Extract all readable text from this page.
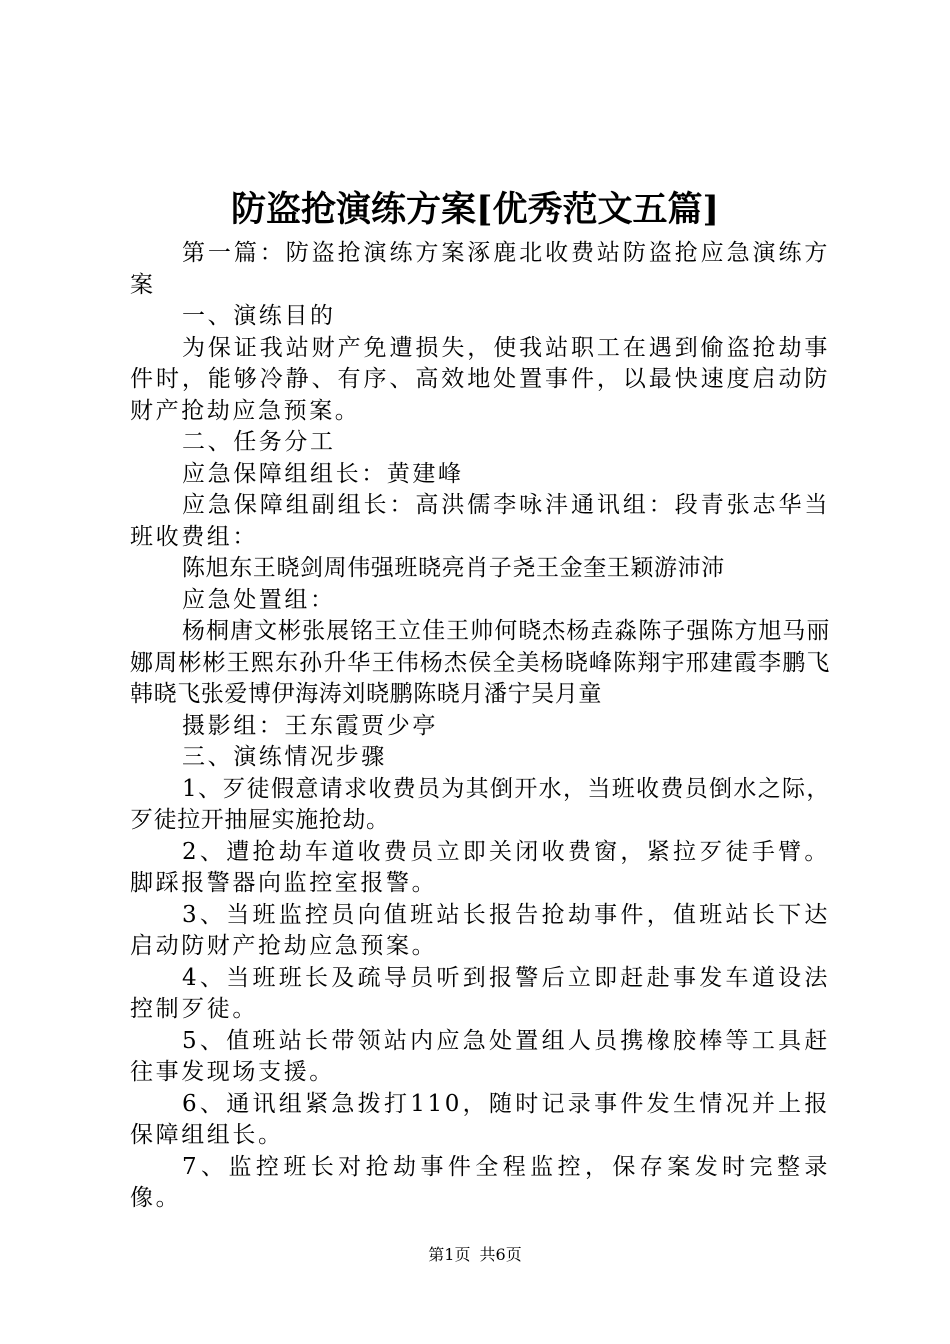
防盗抢演练方案[优秀范文五篇]

第一篇：防盗抢演练方案涿鹿北收费站防盗抢应急演练方案

一、演练目的

为保证我站财产免遭损失，使我站职工在遇到偷盗抢劫事件时，能够冷静、有序、高效地处置事件，以最快速度启动防财产抢劫应急预案。

二、任务分工

应急保障组组长：黄建峰

应急保障组副组长：高洪儒李咏沣通讯组：段青张志华当班收费组：

陈旭东王晓剑周伟强班晓亮肖子尧王金奎王颖游沛沛

应急处置组：

杨桐唐文彬张展铭王立佳王帅何晓杰杨垚淼陈子强陈方旭马丽娜周彬彬王熙东孙升华王伟杨杰侯全美杨晓峰陈翔宇邢建霞李鹏飞韩晓飞张爱博伊海涛刘晓鹏陈晓月潘宁吴月童

摄影组：王东霞贾少亭

三、演练情况步骤

1、歹徒假意请求收费员为其倒开水，当班收费员倒水之际，歹徒拉开抽屉实施抢劫。

2、遭抢劫车道收费员立即关闭收费窗，紧拉歹徒手臂。脚踩报警器向监控室报警。

3、当班监控员向值班站长报告抢劫事件，值班站长下达启动防财产抢劫应急预案。

4、当班班长及疏导员听到报警后立即赶赴事发车道设法控制歹徒。

5、值班站长带领站内应急处置组人员携橡胶棒等工具赶往事发现场支援。

6、通讯组紧急拨打110，随时记录事件发生情况并上报保障组组长。

7、监控班长对抢劫事件全程监控，保存案发时完整录像。

第1页 共6页
